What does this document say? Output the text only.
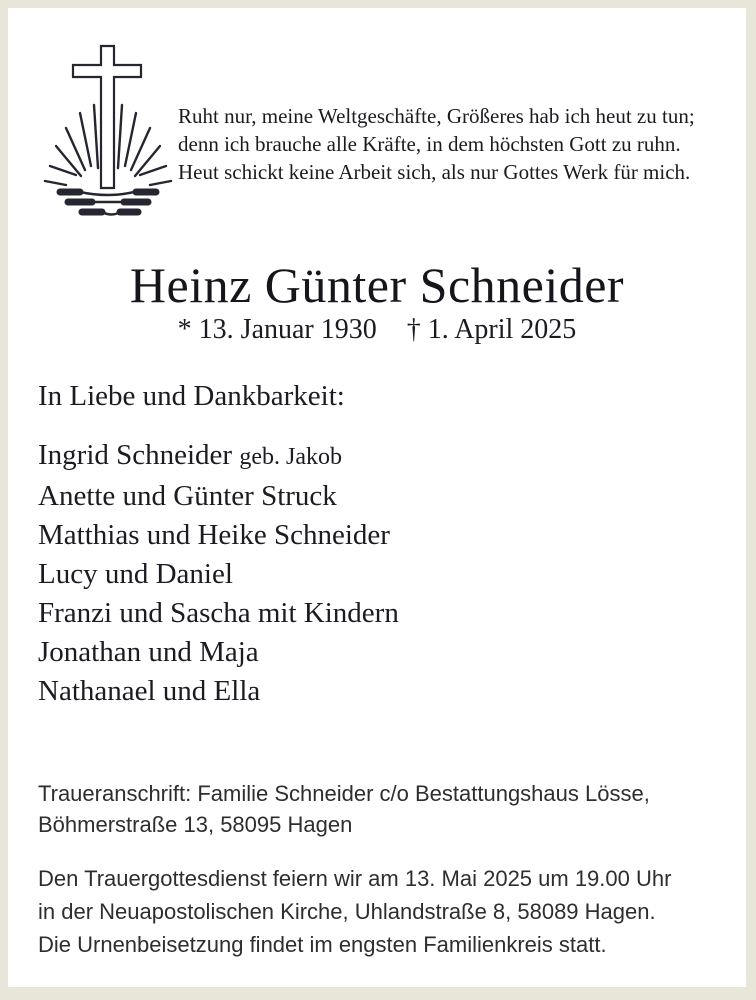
Ruht nur, meine Weltgeschäfte, Größeres hab ich heut zu tun;
denn ich brauche alle Kräfte, in dem höchsten Gott zu ruhn.
Heut schickt keine Arbeit sich, als nur Gottes Werk für mich.
Heinz Günter Schneider
* 13. Januar 1930 † 1. April 2025
In Liebe und Dankbarkeit:
Ingrid Schneider geb. Jakob
Anette und Günter Struck
Matthias und Heike Schneider
Lucy und Daniel
Franzi und Sascha mit Kindern
Jonathan und Maja
Nathanael und Ella
Traueranschrift: Familie Schneider c/o Bestattungshaus Lösse,
Böhmerstraße 13, 58095 Hagen
Den Trauergottesdienst feiern wir am 13. Mai 2025 um 19.00 Uhr
in der Neuapostolischen Kirche, Uhlandstraße 8, 58089 Hagen.
Die Urnenbeisetzung findet im engsten Familienkreis statt.
